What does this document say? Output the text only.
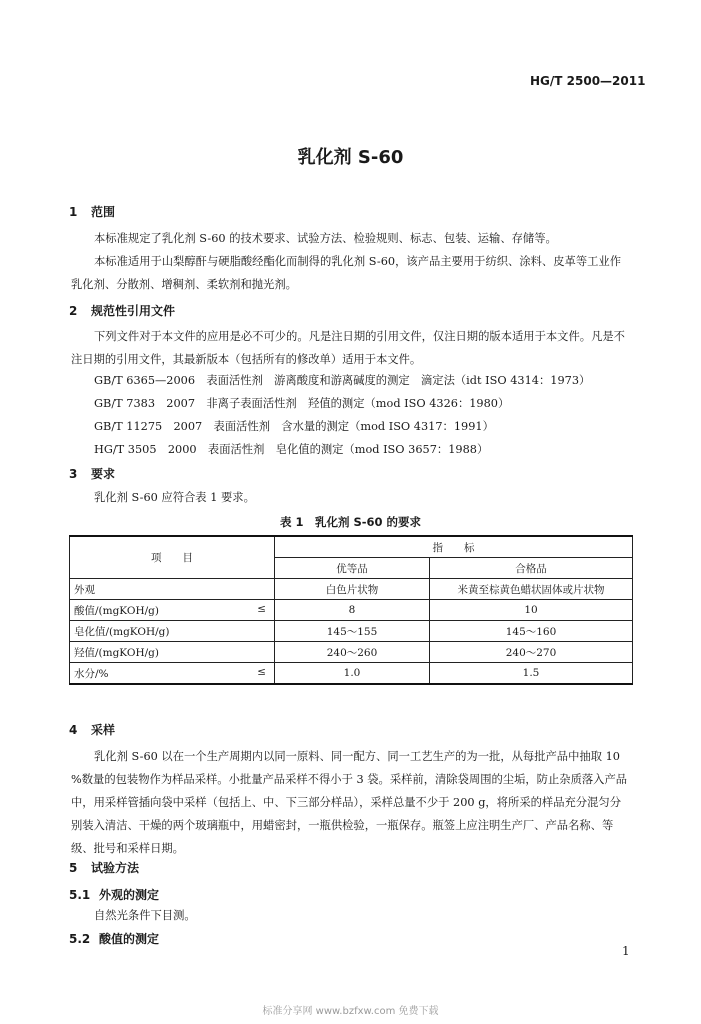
HG/T 2500—2011
乳化剂 S-60
1 范围
本标准规定了乳化剂 S-60 的技术要求、试验方法、检验规则、标志、包装、运输、存储等。
本标准适用于山梨醇酐与硬脂酸经酯化而制得的乳化剂 S-60，该产品主要用于纺织、涂料、皮革等工业作乳化剂、分散剂、增稠剂、柔软剂和抛光剂。
2 规范性引用文件
下列文件对于本文件的应用是必不可少的。凡是注日期的引用文件，仅注日期的版本适用于本文件。凡是不注日期的引用文件，其最新版本（包括所有的修改单）适用于本文件。
GB/T 6365—2006　表面活性剂　游离酸度和游离碱度的测定　滴定法（idt ISO 4314：1973）
GB/T 7383　2007　非离子表面活性剂　羟值的测定（mod ISO 4326：1980）
GB/T 11275　2007　表面活性剂　含水量的测定（mod ISO 4317：1991）
HG/T 3505　2000　表面活性剂　皂化值的测定（mod ISO 3657：1988）
3 要求
乳化剂 S-60 应符合表 1 要求。
表 1　乳化剂 S-60 的要求
项　　目	指　　标	
	优等品	合格品
外观	白色片状物	米黄至棕黄色蜡状固体或片状物
酸值/(mgKOH/g) ≤	8	10
皂化值/(mgKOH/g)	145～155	145～160
羟值/(mgKOH/g)	240～260	240～270
水分/% ≤	1.0	1.5
4 采样
乳化剂 S-60 以在一个生产周期内以同一原料、同一配方、同一工艺生产的为一批，从每批产品中抽取 10 %数量的包装物作为样品采样。小批量产品采样不得小于 3 袋。采样前，清除袋周围的尘垢，防止杂质落入产品中，用采样管插向袋中采样（包括上、中、下三部分样品），采样总量不少于 200 g，将所采的样品充分混匀分别装入清洁、干燥的两个玻璃瓶中，用蜡密封，一瓶供检验，一瓶保存。瓶签上应注明生产厂、产品名称、等级、批号和采样日期。
5 试验方法
5.1 外观的测定
自然光条件下目测。
5.2 酸值的测定
1
标准分享网 www.bzfxw.com 免费下载
